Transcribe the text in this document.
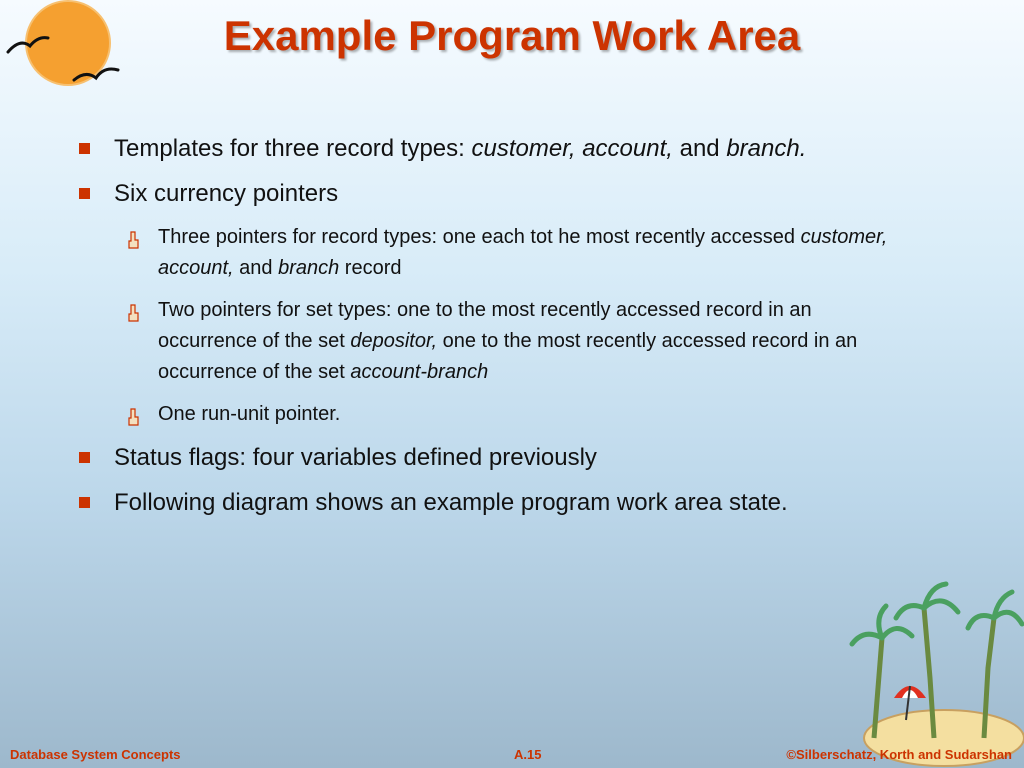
Example Program Work Area
Templates for three record types: customer, account, and branch.
Six currency pointers
Three pointers for record types: one each tot he most recently accessed customer, account, and branch record
Two pointers for set types: one to the most recently accessed record in an occurrence of the set depositor, one to the most recently accessed record in an occurrence of the set account-branch
One run-unit pointer.
Status flags: four variables defined previously
Following diagram shows an example program work area state.
Database System Concepts	A.15	©Silberschatz, Korth and Sudarshan
